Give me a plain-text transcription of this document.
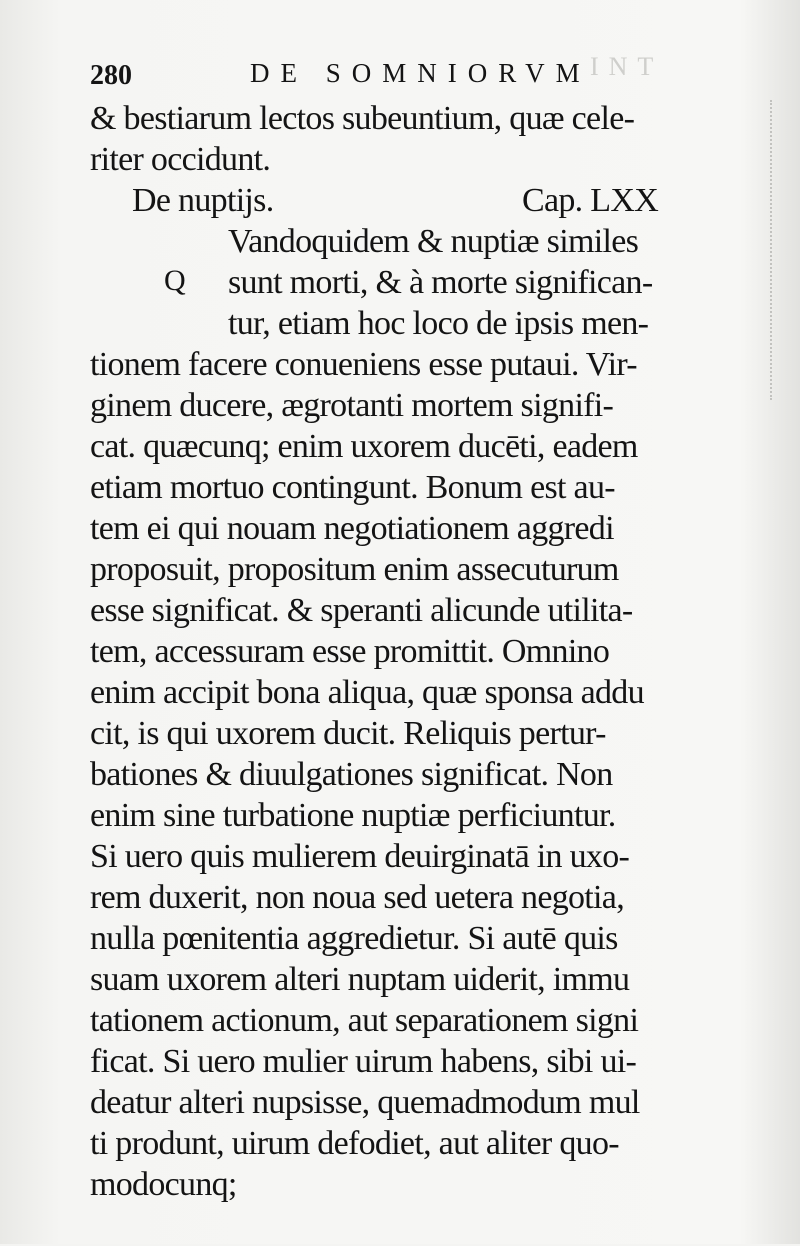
INT
280	DE SOMNIORVM
& bestiarum lectos subeuntium, quæ cele-
riter occidunt.
De nuptijs.	Cap. LXX
Vandoquidem & nuptiæ similes
Q sunt morti, & à morte significan-
tur, etiam hoc loco de ipsis men-
tionem facere conueniens esse putaui. Vir-
ginem ducere, ægrotanti mortem signifi-
cat. quæcunq; enim uxorem ducēti, eadem
etiam mortuo contingunt. Bonum est au-
tem ei qui nouam negotiationem aggredi
proposuit, propositum enim assecuturum
esse significat. & speranti alicunde utilita-
tem, accessuram esse promittit. Omnino
enim accipit bona aliqua, quæ sponsa addu
cit, is qui uxorem ducit. Reliquis pertur-
bationes & diuulgationes significat. Non
enim sine turbatione nuptiæ perficiuntur.
Si uero quis mulierem deuirginatā in uxo-
rem duxerit, non noua sed uetera negotia,
nulla pœnitentia aggredietur. Si autē quis
suam uxorem alteri nuptam uiderit, immu
tationem actionum, aut separationem signi
ficat. Si uero mulier uirum habens, sibi ui-
deatur alteri nupsisse, quemadmodum mul
ti produnt, uirum defodiet, aut aliter quo-
modocunq;
